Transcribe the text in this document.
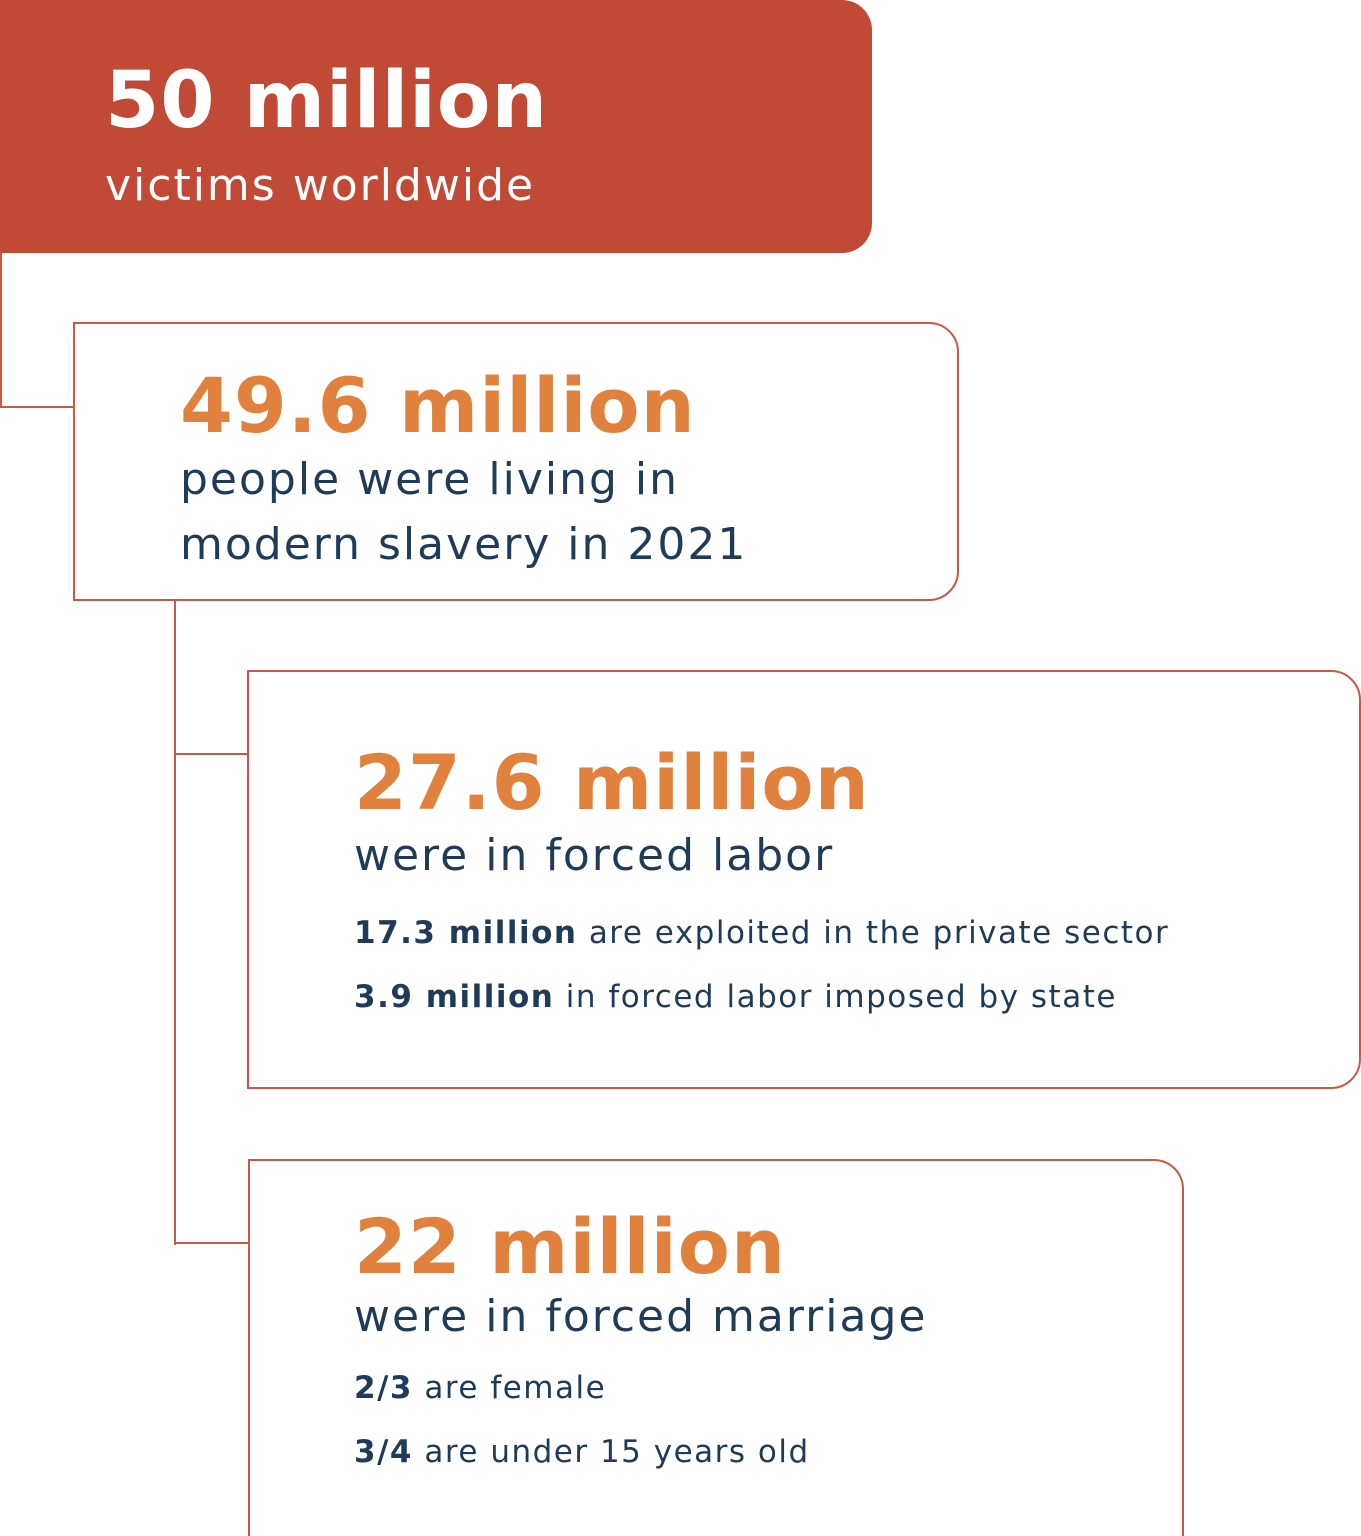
50 million
victims worldwide
49.6 million
people were living in
modern slavery in 2021
27.6 million
were in forced labor
17.3 million are exploited in the private sector
3.9 million in forced labor imposed by state
22 million
were in forced marriage
2/3 are female
3/4 are under 15 years old
